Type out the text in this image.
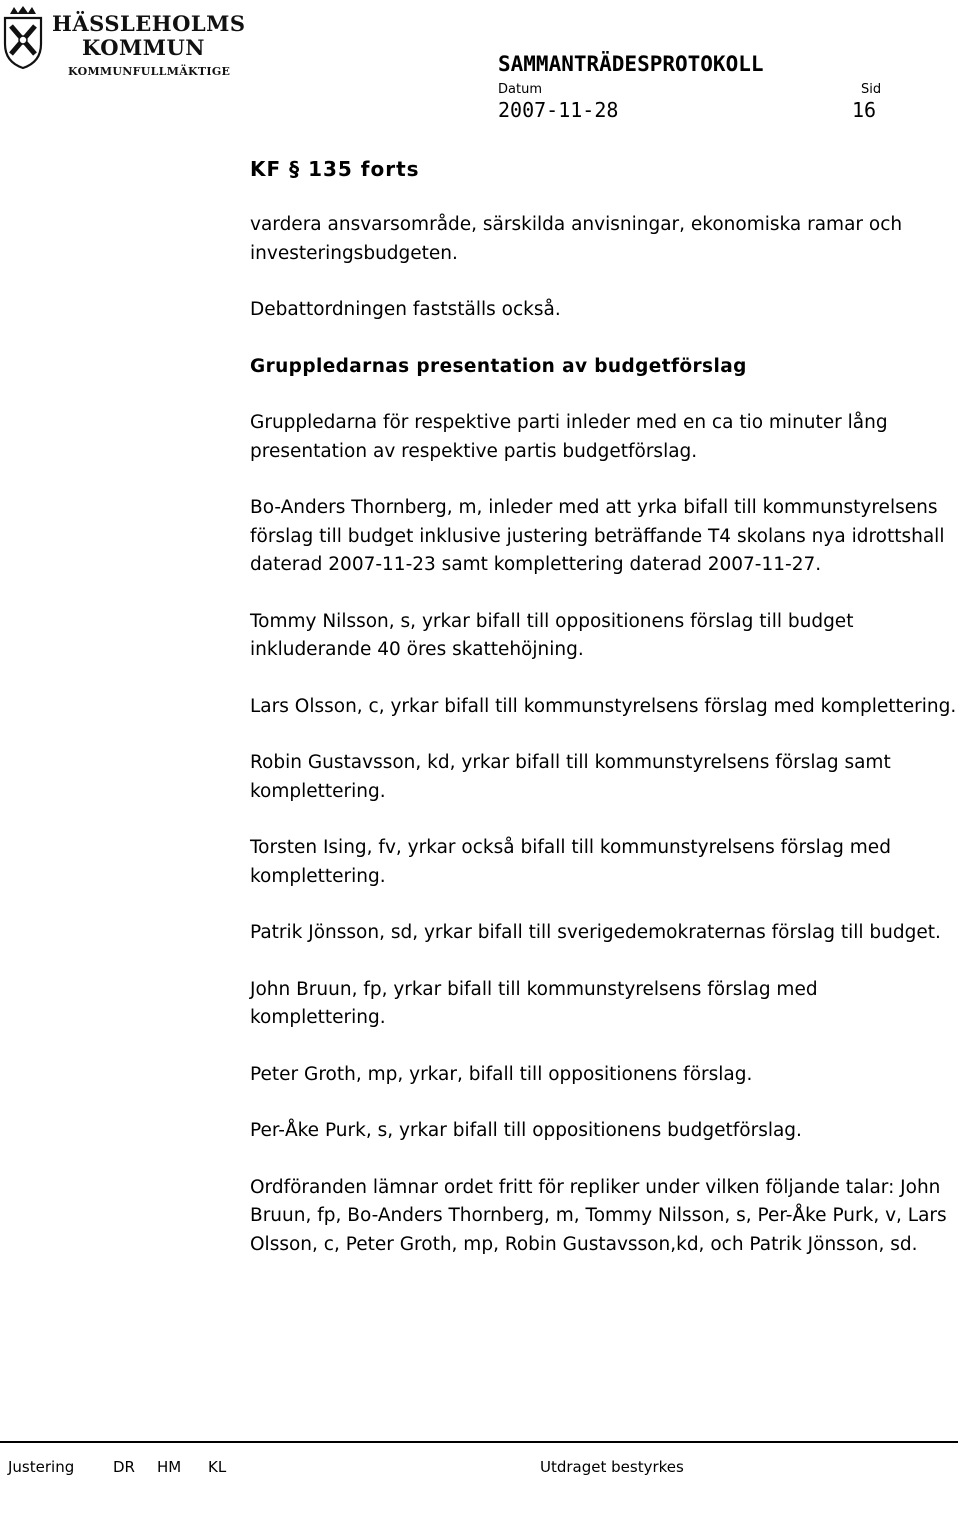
HÄSSLEHOLMS
KOMMUN
KOMMUNFULLMÄKTIGE	SAMMANTRÄDESPROTOKOLL
Datum	Sid
2007-11-28	16
KF § 135 forts

vardera ansvarsområde, särskilda anvisningar, ekonomiska ramar och investeringsbudgeten.

Debattordningen fastställs också.

Gruppledarnas presentation av budgetförslag

Gruppledarna för respektive parti inleder med en ca tio minuter lång presentation av respektive partis budgetförslag.

Bo-Anders Thornberg, m, inleder med att yrka bifall till kommunstyrelsens förslag till budget inklusive justering beträffande T4 skolans nya idrottshall daterad 2007-11-23 samt komplettering daterad 2007-11-27.

Tommy Nilsson, s, yrkar bifall till oppositionens förslag till budget inkluderande 40 öres skattehöjning.

Lars Olsson, c, yrkar bifall till kommunstyrelsens förslag med komplettering.

Robin Gustavsson, kd, yrkar bifall till kommunstyrelsens förslag samt komplettering.

Torsten Ising, fv, yrkar också bifall till kommunstyrelsens förslag med komplettering.

Patrik Jönsson, sd, yrkar bifall till sverigedemokraternas förslag till budget.

John Bruun, fp, yrkar bifall till kommunstyrelsens förslag med komplettering.

Peter Groth, mp, yrkar, bifall till oppositionens förslag.

Per-Åke Purk, s, yrkar bifall till oppositionens budgetförslag.

Ordföranden lämnar ordet fritt för repliker under vilken följande talar: John Bruun, fp, Bo-Anders Thornberg, m, Tommy Nilsson, s, Per-Åke Purk, v, Lars Olsson, c, Peter Groth, mp, Robin Gustavsson,kd, och Patrik Jönsson, sd.

Justering	DR HM KL	Utdraget bestyrkes
